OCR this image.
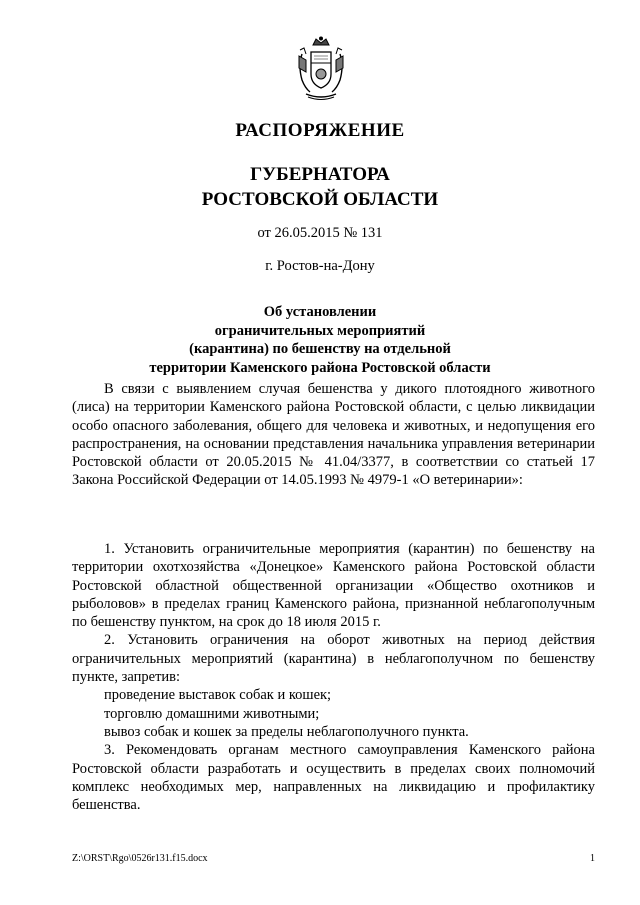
РАСПОРЯЖЕНИЕ
ГУБЕРНАТОРА
РОСТОВСКОЙ ОБЛАСТИ
от 26.05.2015 № 131
г. Ростов-на-Дону
Об установлении
ограничительных мероприятий
(карантина) по бешенству на отдельной
территории Каменского района Ростовской области

В связи с выявлением случая бешенства у дикого плотоядного животного (лиса) на территории Каменского района Ростовской области, с целью ликвидации особо опасного заболевания, общего для человека и животных, и недопущения его распространения, на основании представления начальника управления ветеринарии Ростовской области от 20.05.2015 № 41.04/3377, в соответствии со статьей 17 Закона Российской Федерации от 14.05.1993 № 4979-1 «О ветеринарии»:

1. Установить ограничительные мероприятия (карантин) по бешенству на территории охотхозяйства «Донецкое» Каменского района Ростовской области Ростовской областной общественной организации «Общество охотников и рыболовов» в пределах границ Каменского района, признанной неблагополучным по бешенству пунктом, на срок до 18 июля 2015 г.

2. Установить ограничения на оборот животных на период действия ограничительных мероприятий (карантина) в неблагополучном по бешенству пункте, запретив:

проведение выставок собак и кошек;
торговлю домашними животными;
вывоз собак и кошек за пределы неблагополучного пункта.

3. Рекомендовать органам местного самоуправления Каменского района Ростовской области разработать и осуществить в пределах своих полномочий комплекс необходимых мер, направленных на ликвидацию и профилактику бешенства.

Z:\ORST\Rgo\0526r131.f15.docx	1
